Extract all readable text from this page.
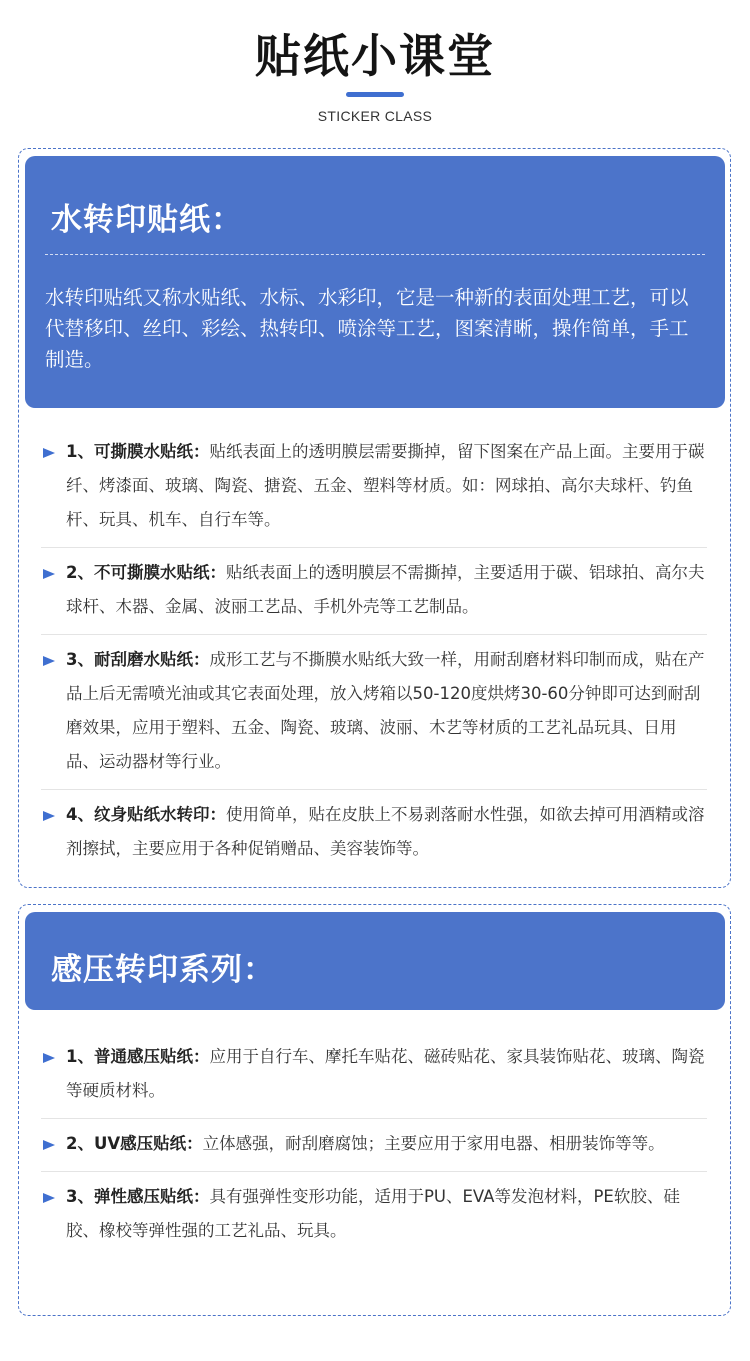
贴纸小课堂
STICKER CLASS
水转印贴纸：
水转印贴纸又称水贴纸、水标、水彩印，它是一种新的表面处理工艺，可以代替移印、丝印、彩绘、热转印、喷涂等工艺，图案清晰，操作简单，手工制造。
1、可撕膜水贴纸：贴纸表面上的透明膜层需要撕掉，留下图案在产品上面。主要用于碳纤、烤漆面、玻璃、陶瓷、搪瓷、五金、塑料等材质。如：网球拍、高尔夫球杆、钓鱼杆、玩具、机车、自行车等。
2、不可撕膜水贴纸：贴纸表面上的透明膜层不需撕掉，主要适用于碳、铝球拍、高尔夫球杆、木器、金属、波丽工艺品、手机外壳等工艺制品。
3、耐刮磨水贴纸：成形工艺与不撕膜水贴纸大致一样，用耐刮磨材料印制而成，贴在产品上后无需喷光油或其它表面处理，放入烤箱以50-120度烘烤30-60分钟即可达到耐刮磨效果，应用于塑料、五金、陶瓷、玻璃、波丽、木艺等材质的工艺礼品玩具、日用品、运动器材等行业。
4、纹身贴纸水转印：使用简单，贴在皮肤上不易剥落耐水性强，如欲去掉可用酒精或溶剂擦拭，主要应用于各种促销赠品、美容装饰等。
感压转印系列：
1、普通感压贴纸：应用于自行车、摩托车贴花、磁砖贴花、家具装饰贴花、玻璃、陶瓷等硬质材料。
2、UV感压贴纸：立体感强，耐刮磨腐蚀；主要应用于家用电器、相册装饰等等。
3、弹性感压贴纸：具有强弹性变形功能，适用于PU、EVA等发泡材料，PE软胶、硅胶、橡校等弹性强的工艺礼品、玩具。
